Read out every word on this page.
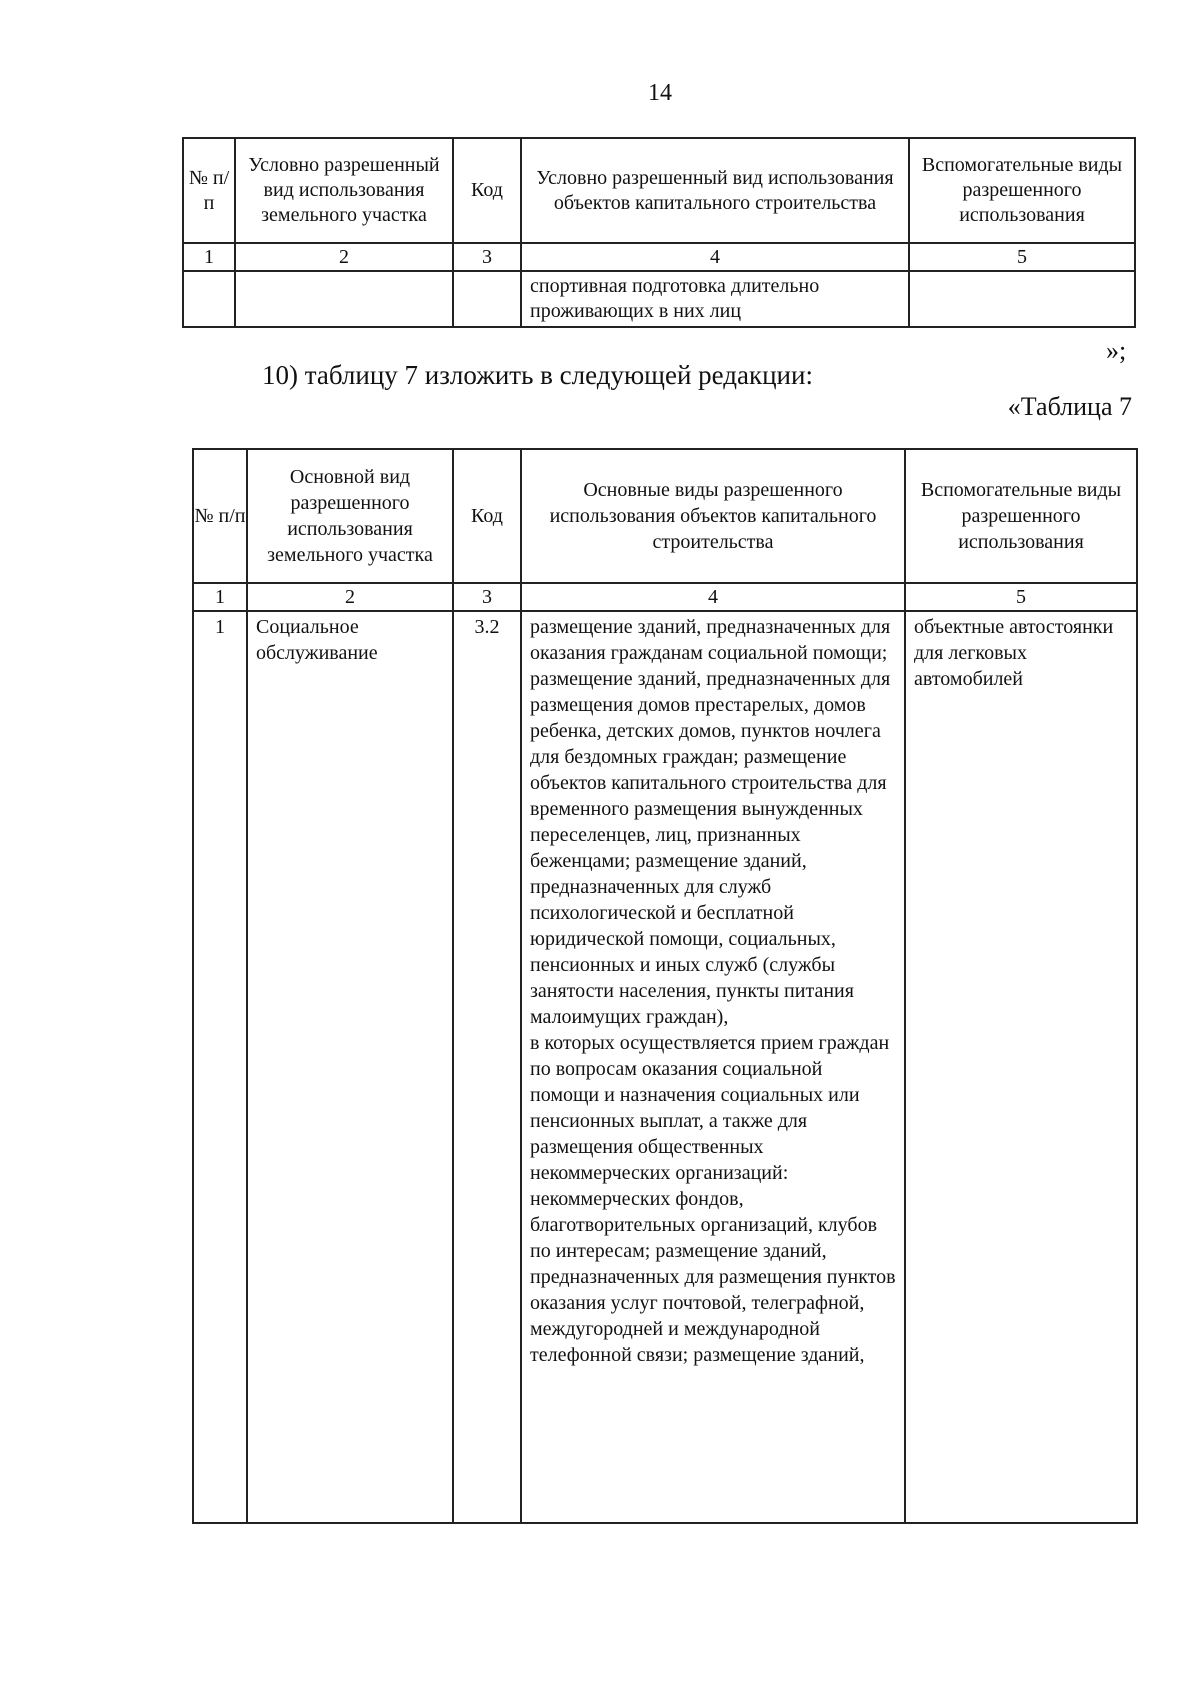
14
№ п/п	Условно разрешенный вид использования земельного участка	Код	Условно разрешенный вид использования объектов капитального строительства	Вспомогательные виды разрешенного использования
1	2	3	4	5
			спортивная подготовка длительно проживающих в них лиц	
»;
10) таблицу 7 изложить в следующей редакции:
«Таблица 7
№ п/п	Основной вид разрешенного использования земельного участка	Код	Основные виды разрешенного использования объектов капитального строительства	Вспомогательные виды разрешенного использования
1	2	3	4	5
1	Социальное обслуживание	3.2	размещение зданий, предназначенных для оказания гражданам социальной помощи; размещение зданий, предназначенных для размещения домов престарелых, домов ребенка, детских домов, пунктов ночлега для бездомных граждан; размещение объектов капитального строительства для временного размещения вынужденных переселенцев, лиц, признанных беженцами; размещение зданий, предназначенных для служб психологической и бесплатной юридической помощи, социальных, пенсионных и иных служб (службы занятости населения, пункты питания малоимущих граждан),
в которых осуществляется прием граждан по вопросам оказания социальной помощи и назначения социальных или пенсионных выплат, а также для размещения общественных некоммерческих организаций: некоммерческих фондов, благотворительных организаций, клубов по интересам; размещение зданий, предназначенных для размещения пунктов оказания услуг почтовой, телеграфной, междугородней и международной телефонной связи; размещение зданий,	объектные автостоянки для легковых автомобилей
